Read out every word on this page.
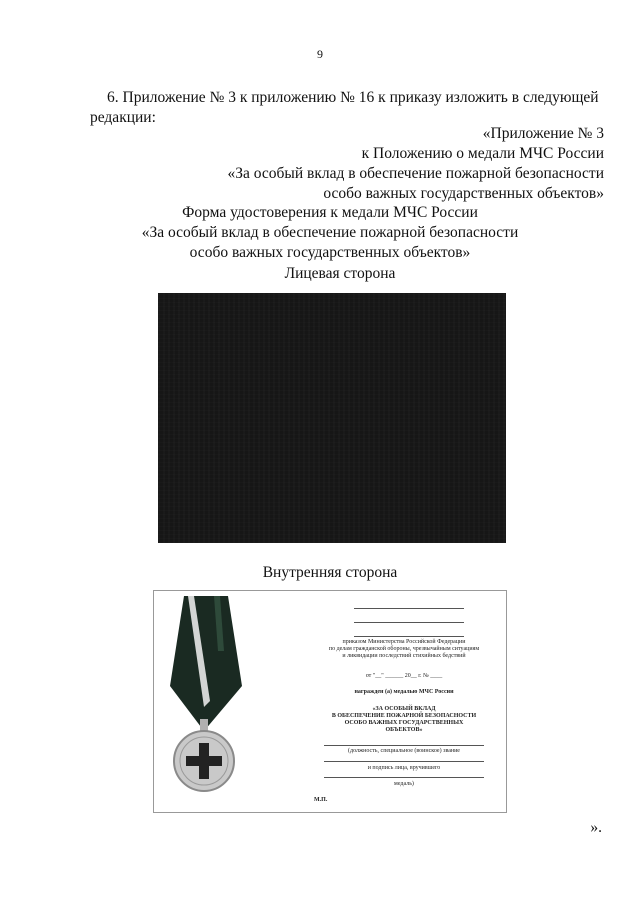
9
6. Приложение № 3 к приложению № 16 к приказу изложить в следующей
редакции:
«Приложение № 3
к Положению о медали МЧС России
«За особый вклад в обеспечение пожарной безопасности
особо важных государственных объектов»
Форма удостоверения к медали МЧС России
«За особый вклад в обеспечение пожарной безопасности
особо важных государственных объектов»
Лицевая сторона
Внутренняя сторона
приказом Министерства Российской Федерации
по делам гражданской обороны, чрезвычайным ситуациям
и ликвидации последствий стихийных бедствий
от "__" ______ 20__ г. № ____
награжден (а) медалью МЧС России
«ЗА ОСОБЫЙ ВКЛАД
В ОБЕСПЕЧЕНИЕ ПОЖАРНОЙ БЕЗОПАСНОСТИ
ОСОБО ВАЖНЫХ ГОСУДАРСТВЕННЫХ
ОБЪЕКТОВ»
(должность, специальное (воинское) звание
и подпись лица, вручившего
медаль)
М.П.
».
